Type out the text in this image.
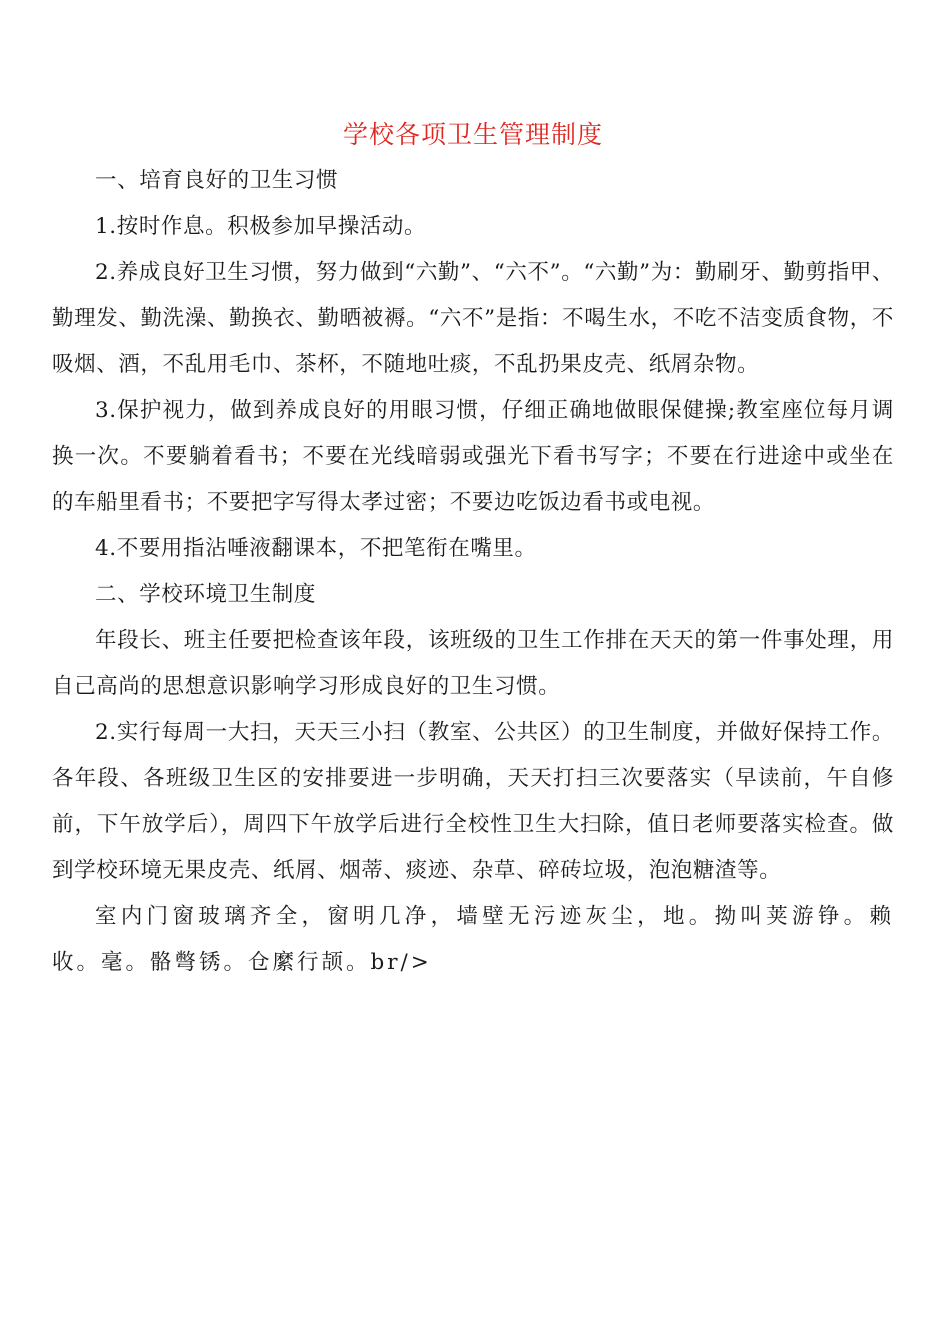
学校各项卫生管理制度

一、培育良好的卫生习惯

1.按时作息。积极参加早操活动。

2.养成良好卫生习惯，努力做到“六勤”、“六不”。“六勤”为：勤刷牙、勤剪指甲、勤理发、勤洗澡、勤换衣、勤晒被褥。“六不”是指：不喝生水，不吃不洁变质食物，不吸烟、酒，不乱用毛巾、茶杯，不随地吐痰，不乱扔果皮壳、纸屑杂物。

3.保护视力，做到养成良好的用眼习惯，仔细正确地做眼保健操;教室座位每月调换一次。不要躺着看书；不要在光线暗弱或强光下看书写字；不要在行进途中或坐在 的车船里看书；不要把字写得太孝过密；不要边吃饭边看书或电视。

4.不要用指沾唾液翻课本，不把笔衔在嘴里。

二、学校环境卫生制度

年段长、班主任要把检查该年段，该班级的卫生工作排在天天的第一件事处理，用自己高尚的思想意识影响学习形成良好的卫生习惯。

2.实行每周一大扫，天天三小扫（教室、公共区）的卫生制度，并做好保持工作。各年段、各班级卫生区的安排要进一步明确，天天打扫三次要落实（早读前，午自修前，下午放学后），周四下午放学后进行全校性卫生大扫除，值日老师要落实检查。做到学校环境无果皮壳、纸屑、烟蒂、痰迹、杂草、碎砖垃圾，泡泡糖渣等。

室内门窗玻璃齐全，窗明几净，墙壁无污迹灰尘，地。拗叫荚游铮。赖收。毫。骼彆锈。仓縻行颉。br/>
